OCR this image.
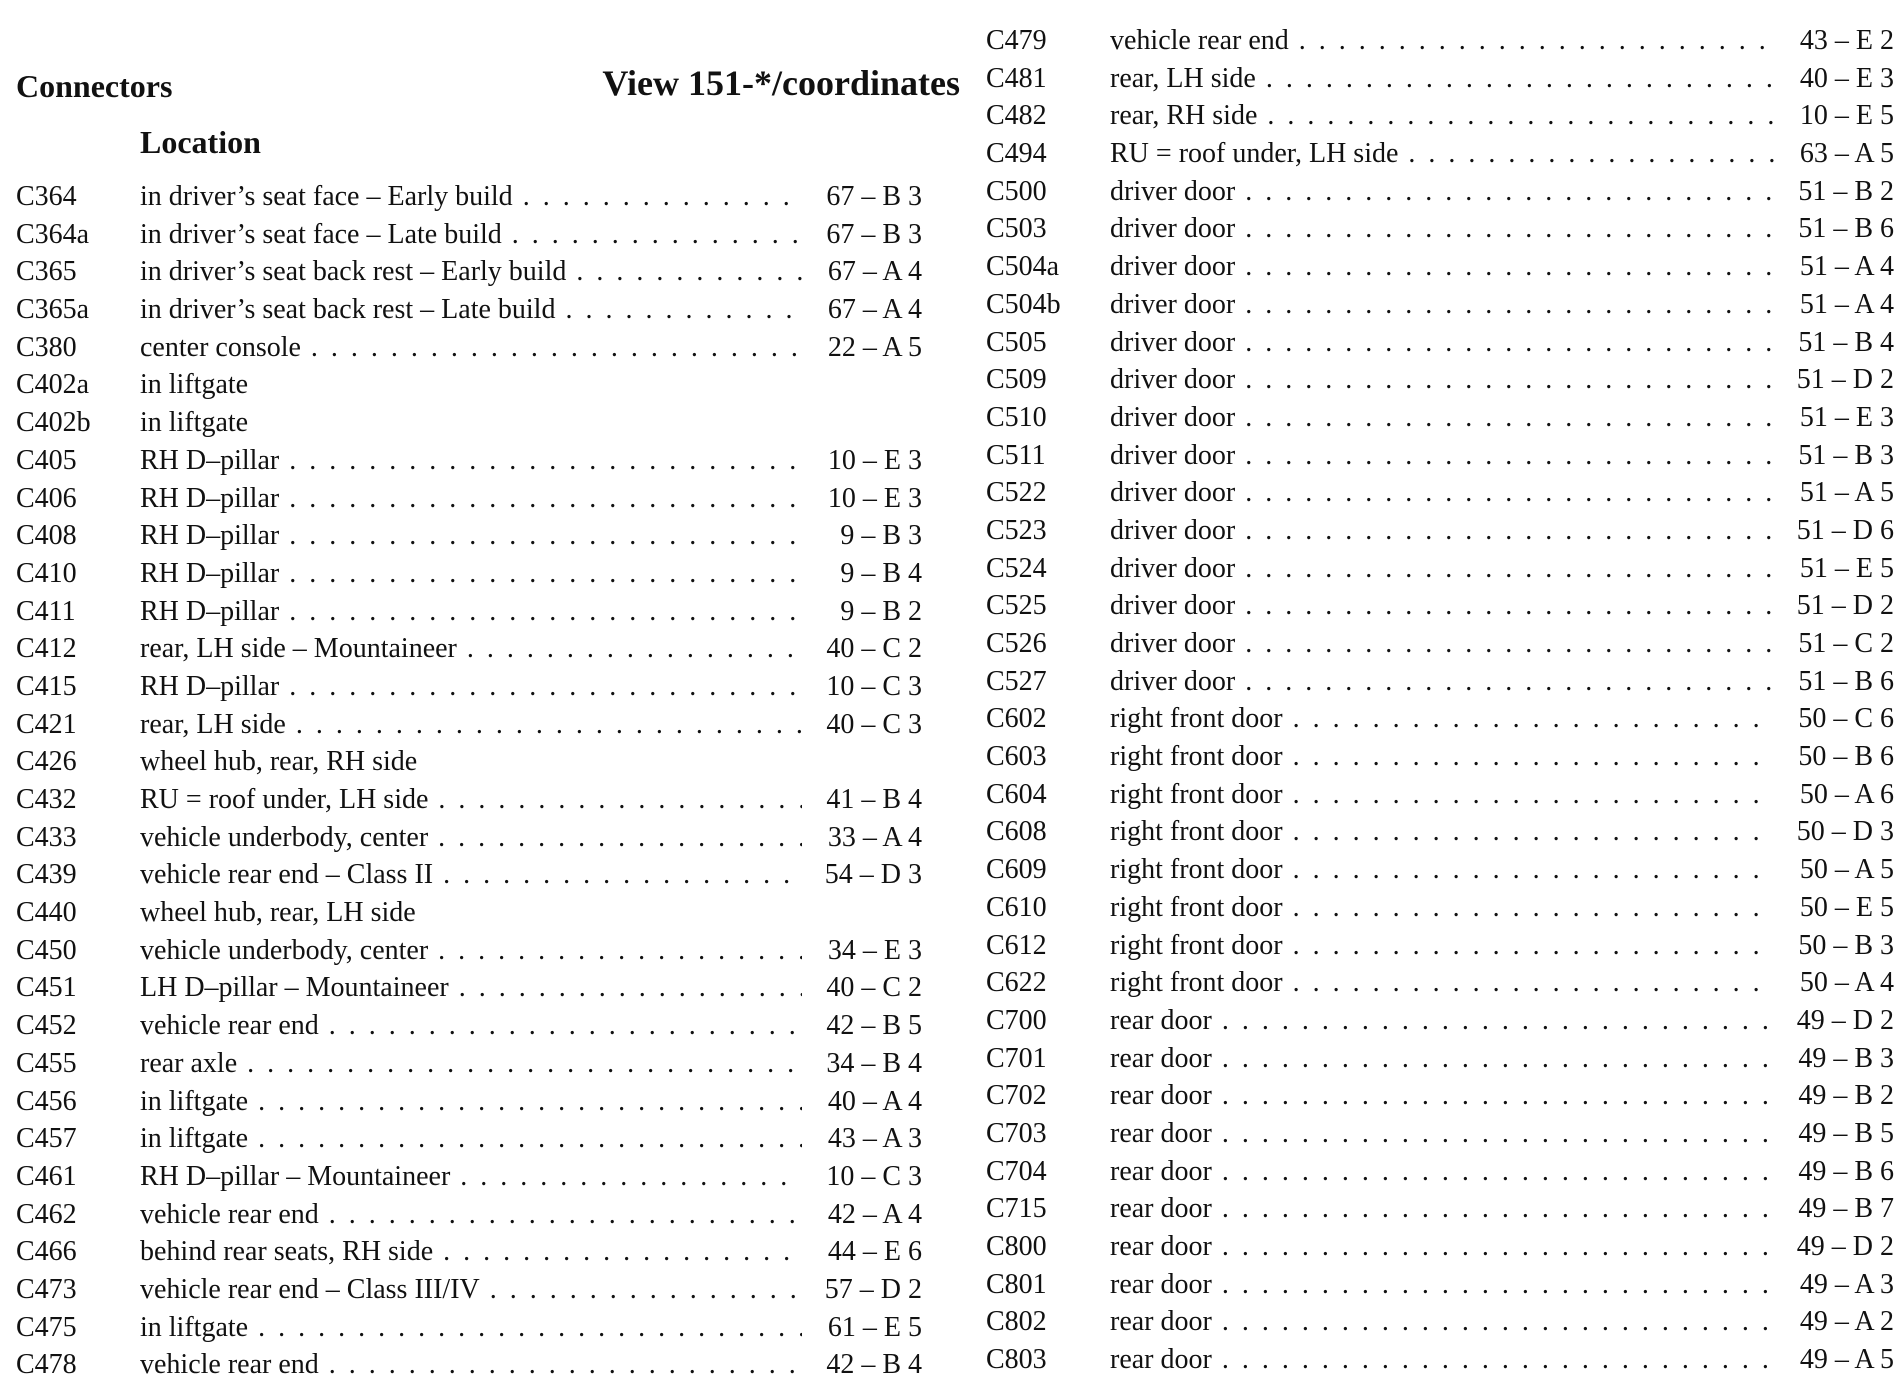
Connectors
Location
View 151-*/coordinates
C364	in driver’s seat face – Early build . . .	67 – B 3
C364a	in driver’s seat face – Late build . . .	67 – B 3
C365	in driver’s seat back rest – Early build . . .	67 – A 4
C365a	in driver’s seat back rest – Late build . . .	67 – A 4
C380	center console . . .	22 – A 5
C402a	in liftgate
C402b	in liftgate
C405	RH D–pillar . . .	10 – E 3
C406	RH D–pillar . . .	10 – E 3
C408	RH D–pillar . . .	9 – B 3
C410	RH D–pillar . . .	9 – B 4
C411	RH D–pillar . . .	9 – B 2
C412	rear, LH side – Mountaineer . . .	40 – C 2
C415	RH D–pillar . . .	10 – C 3
C421	rear, LH side . . .	40 – C 3
C426	wheel hub, rear, RH side
C432	RU = roof under, LH side . . .	41 – B 4
C433	vehicle underbody, center . . .	33 – A 4
C439	vehicle rear end – Class II . . .	54 – D 3
C440	wheel hub, rear, LH side
C450	vehicle underbody, center . . .	34 – E 3
C451	LH D–pillar – Mountaineer . . .	40 – C 2
C452	vehicle rear end . . .	42 – B 5
C455	rear axle . . .	34 – B 4
C456	in liftgate . . .	40 – A 4
C457	in liftgate . . .	43 – A 3
C461	RH D–pillar – Mountaineer . . .	10 – C 3
C462	vehicle rear end . . .	42 – A 4
C466	behind rear seats, RH side . . .	44 – E 6
C473	vehicle rear end – Class III/IV . . .	57 – D 2
C475	in liftgate . . .	61 – E 5
C478	vehicle rear end . . .	42 – B 4
C479	vehicle rear end . . .	43 – E 2
C481	rear, LH side . . .	40 – E 3
C482	rear, RH side . . .	10 – E 5
C494	RU = roof under, LH side . . .	63 – A 5
C500	driver door . . .	51 – B 2
C503	driver door . . .	51 – B 6
C504a	driver door . . .	51 – A 4
C504b	driver door . . .	51 – A 4
C505	driver door . . .	51 – B 4
C509	driver door . . .	51 – D 2
C510	driver door . . .	51 – E 3
C511	driver door . . .	51 – B 3
C522	driver door . . .	51 – A 5
C523	driver door . . .	51 – D 6
C524	driver door . . .	51 – E 5
C525	driver door . . .	51 – D 2
C526	driver door . . .	51 – C 2
C527	driver door . . .	51 – B 6
C602	right front door . . .	50 – C 6
C603	right front door . . .	50 – B 6
C604	right front door . . .	50 – A 6
C608	right front door . . .	50 – D 3
C609	right front door . . .	50 – A 5
C610	right front door . . .	50 – E 5
C612	right front door . . .	50 – B 3
C622	right front door . . .	50 – A 4
C700	rear door . . .	49 – D 2
C701	rear door . . .	49 – B 3
C702	rear door . . .	49 – B 2
C703	rear door . . .	49 – B 5
C704	rear door . . .	49 – B 6
C715	rear door . . .	49 – B 7
C800	rear door . . .	49 – D 2
C801	rear door . . .	49 – A 3
C802	rear door . . .	49 – A 2
C803	rear door . . .	49 – A 5
